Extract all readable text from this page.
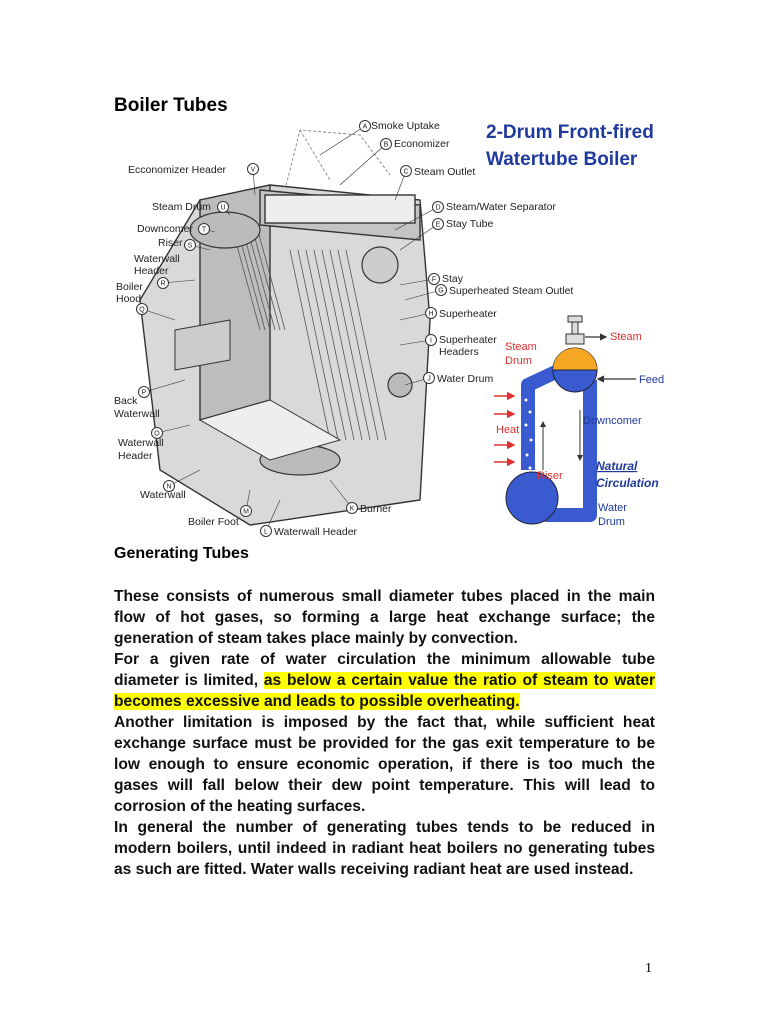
Boiler Tubes
A
B
C
D
E
F
G
H
I
J
K
L
M
N
O
P
Q
R
S
T
U
V
Smoke Uptake
Economizer
Steam Outlet
Steam/Water Separator
Stay Tube
Stay
Superheated Steam Outlet
Superheater
Superheater Headers
Water Drum
Burner
Waterwall Header
Boiler Foot
Waterwall
Waterwall Header
Back Waterwall
Boiler Hood
Waterwall Header
Riser
Downcomer
Steam Drum
Ecconomizer Header
2-Drum Front-fired
Watertube Boiler
Steam
Steam Drum
Feed
Downcomer
Heat
Riser
Natural Circulation
Water Drum
Generating Tubes

These consists of numerous small diameter tubes placed in the main flow of hot gases, so forming a large heat exchange surface; the generation of steam takes place mainly by convection.

For a given rate of water circulation the minimum allowable tube diameter is limited, as below a certain value the ratio of steam to water becomes excessive and leads to possible overheating.

Another limitation is imposed by the fact that, while sufficient heat exchange surface must be provided for the gas exit temperature to be low enough to ensure economic operation, if there is too much the gases will fall below their dew point temperature. This will lead to corrosion of the heating surfaces.

In general the number of generating tubes tends to be reduced in modern boilers, until indeed in radiant heat boilers no generating tubes as such are fitted. Water walls receiving radiant heat are used instead.

1
